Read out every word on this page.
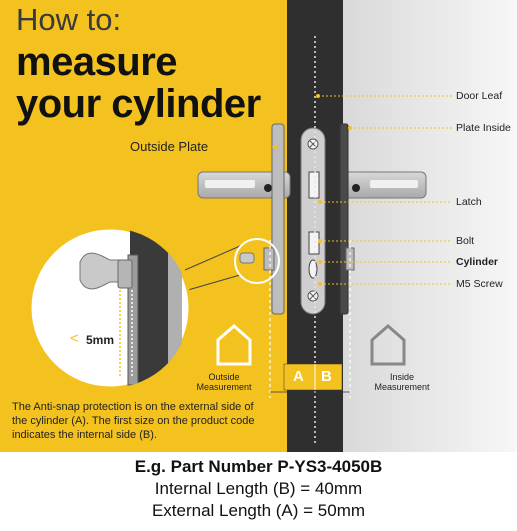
How to:
measure
your cylinder
Outside Plate
Door Leaf
Plate Inside
Latch
Bolt
Cylinder
M5 Screw
< 5mm
Outside
Measurement
Inside
Measurement
A B
The Anti-snap protection is on the external side of the cylinder (A). The first size on the product code indicates the internal side (B).
E.g. Part Number P-YS3-4050B
Internal Length (B) = 40mm
External Length (A) = 50mm
